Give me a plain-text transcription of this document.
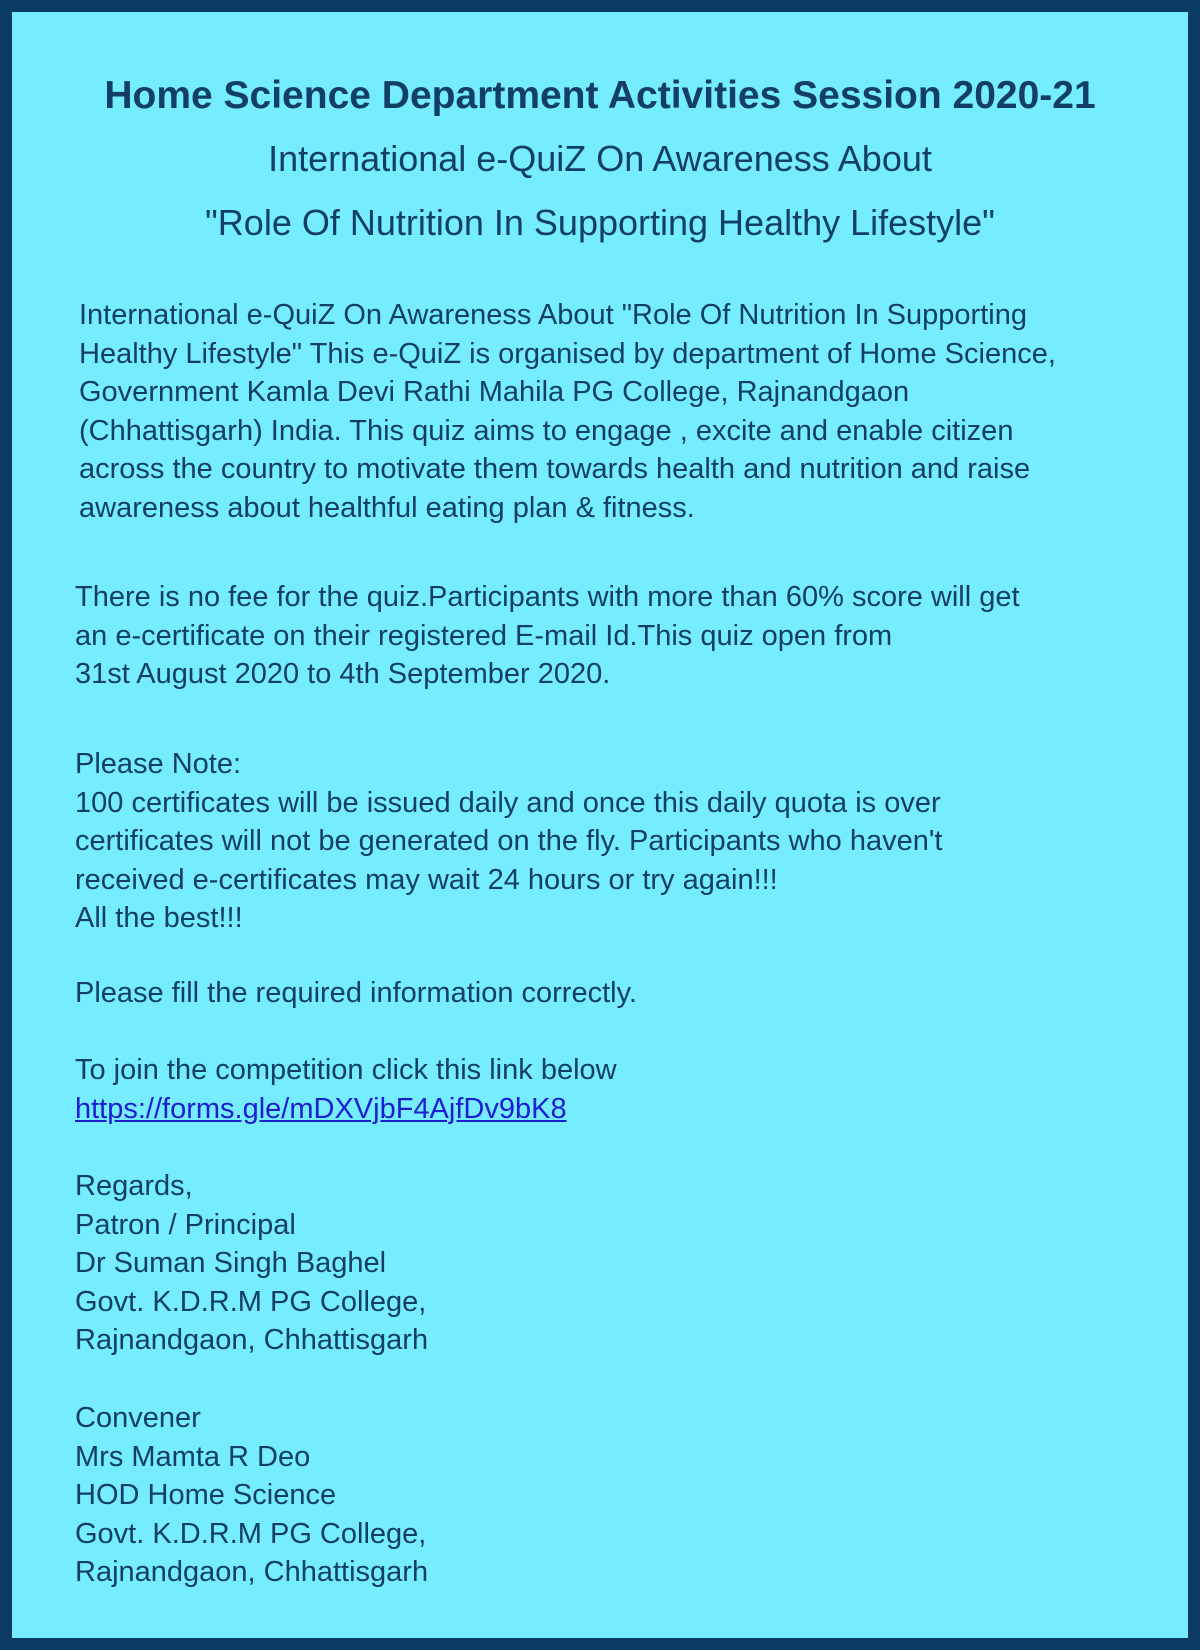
Home Science Department Activities Session 2020-21
International e-QuiZ On Awareness About
"Role Of Nutrition In Supporting Healthy Lifestyle"
International e-QuiZ On Awareness About "Role Of Nutrition In Supporting
Healthy Lifestyle" This e-QuiZ is organised by department of Home Science,
Government Kamla Devi Rathi Mahila PG College, Rajnandgaon
(Chhattisgarh) India. This quiz aims to engage , excite and enable citizen
across the country to motivate them towards health and nutrition and raise
awareness about healthful eating plan & fitness.
There is no fee for the quiz.Participants with more than 60% score will get
an e-certificate on their registered E-mail Id.This quiz open from
31st August 2020 to 4th September 2020.
Please Note:
100 certificates will be issued daily and once this daily quota is over
certificates will not be generated on the fly. Participants who haven't
received e-certificates may wait 24 hours or try again!!!
All the best!!!
Please fill the required information correctly.
To join the competition click this link below
https://forms.gle/mDXVjbF4AjfDv9bK8
Regards,
Patron / Principal
Dr Suman Singh Baghel
Govt. K.D.R.M PG College,
Rajnandgaon, Chhattisgarh
Convener
Mrs Mamta R Deo
HOD Home Science
Govt. K.D.R.M PG College,
Rajnandgaon, Chhattisgarh
